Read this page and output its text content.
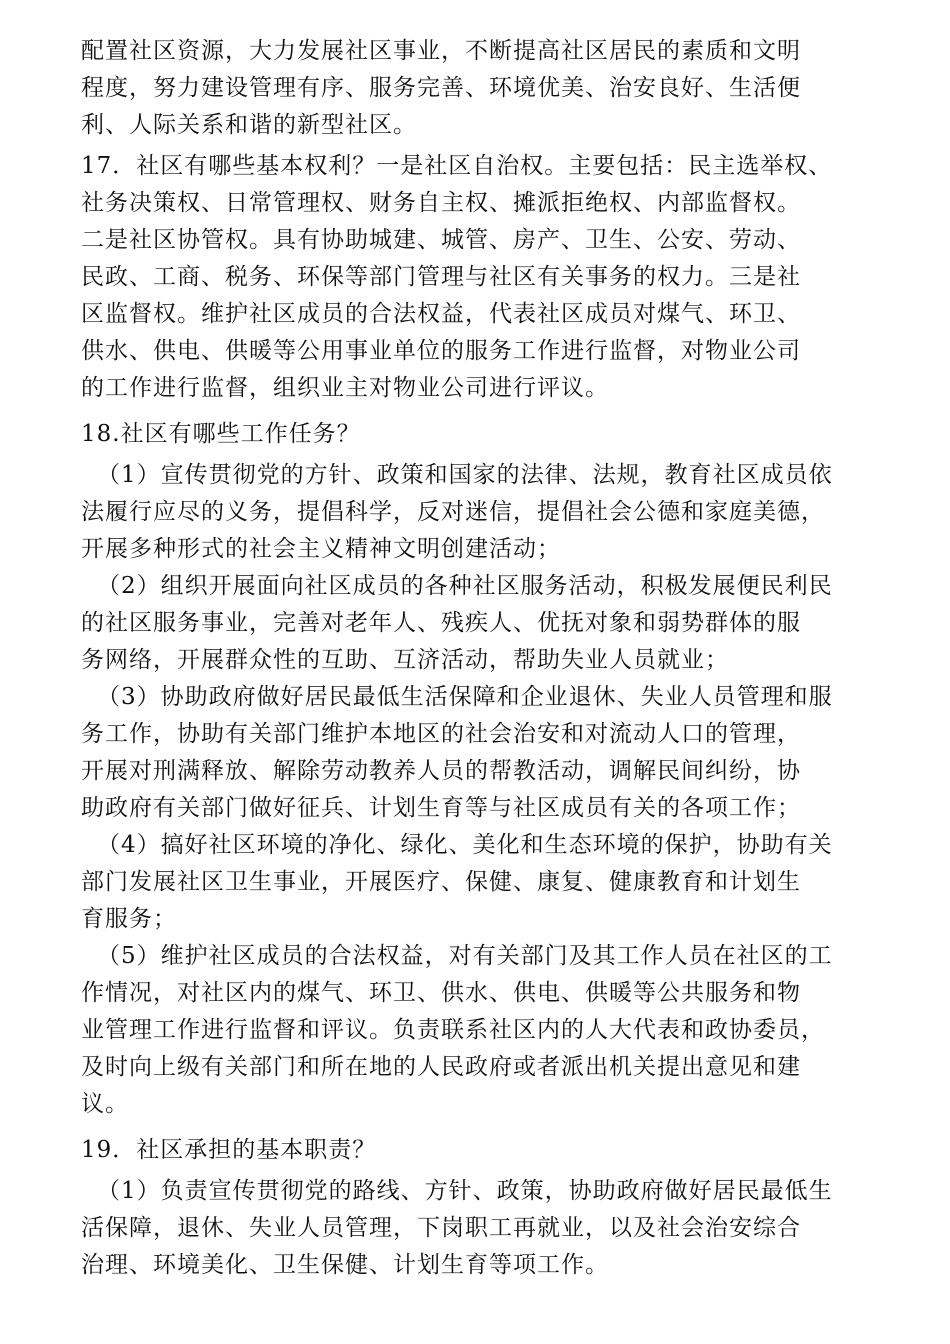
配置社区资源，大力发展社区事业，不断提高社区居民的素质和文明
程度，努力建设管理有序、服务完善、环境优美、治安良好、生活便
利、人际关系和谐的新型社区。
17．社区有哪些基本权利？一是社区自治权。主要包括：民主选举权、
社务决策权、日常管理权、财务自主权、摊派拒绝权、内部监督权。
二是社区协管权。具有协助城建、城管、房产、卫生、公安、劳动、
民政、工商、税务、环保等部门管理与社区有关事务的权力。三是社
区监督权。维护社区成员的合法权益，代表社区成员对煤气、环卫、
供水、供电、供暖等公用事业单位的服务工作进行监督，对物业公司
的工作进行监督，组织业主对物业公司进行评议。
18.社区有哪些工作任务？
（1）宣传贯彻党的方针、政策和国家的法律、法规，教育社区成员依
法履行应尽的义务，提倡科学，反对迷信，提倡社会公德和家庭美德，
开展多种形式的社会主义精神文明创建活动；
（2）组织开展面向社区成员的各种社区服务活动，积极发展便民利民
的社区服务事业，完善对老年人、残疾人、优抚对象和弱势群体的服
务网络，开展群众性的互助、互济活动，帮助失业人员就业；
（3）协助政府做好居民最低生活保障和企业退休、失业人员管理和服
务工作，协助有关部门维护本地区的社会治安和对流动人口的管理，
开展对刑满释放、解除劳动教养人员的帮教活动，调解民间纠纷，协
助政府有关部门做好征兵、计划生育等与社区成员有关的各项工作；
（4）搞好社区环境的净化、绿化、美化和生态环境的保护，协助有关
部门发展社区卫生事业，开展医疗、保健、康复、健康教育和计划生
育服务；
（5）维护社区成员的合法权益，对有关部门及其工作人员在社区的工
作情况，对社区内的煤气、环卫、供水、供电、供暖等公共服务和物
业管理工作进行监督和评议。负责联系社区内的人大代表和政协委员，
及时向上级有关部门和所在地的人民政府或者派出机关提出意见和建
议。
19．社区承担的基本职责？
（1）负责宣传贯彻党的路线、方针、政策，协助政府做好居民最低生
活保障，退休、失业人员管理，下岗职工再就业，以及社会治安综合
治理、环境美化、卫生保健、计划生育等项工作。
